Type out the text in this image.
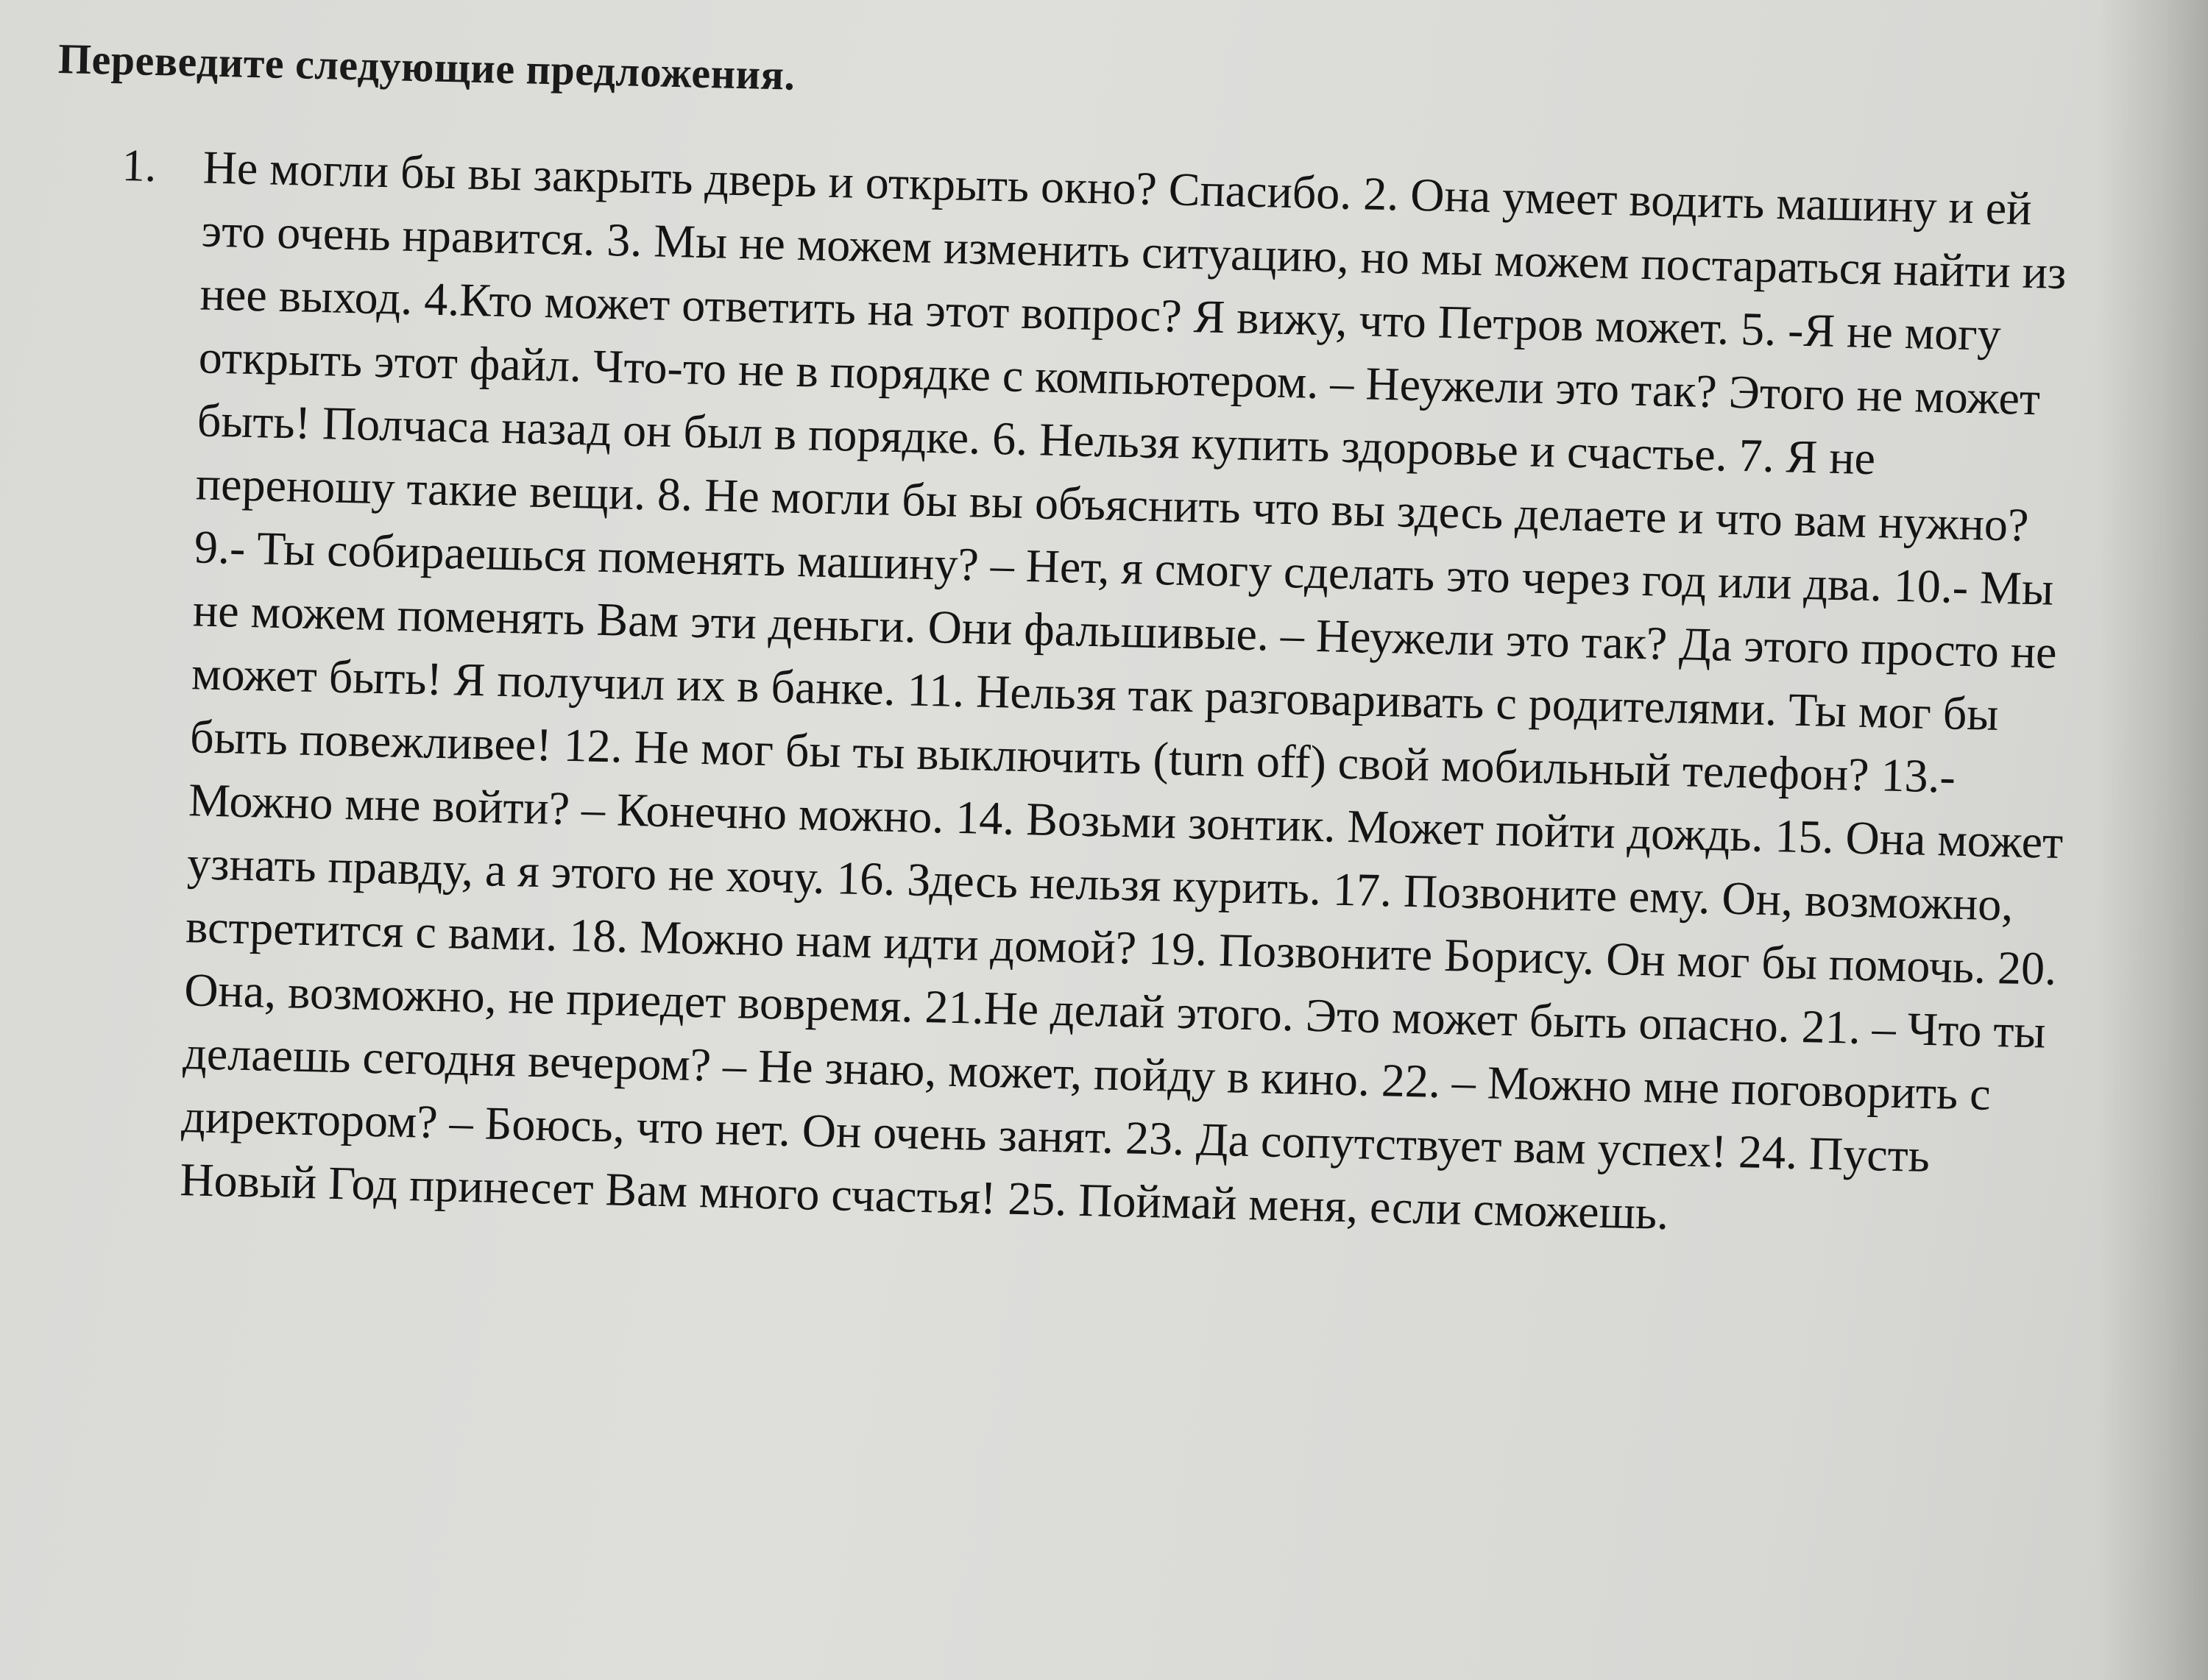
Переведите следующие предложения.
1. Не могли бы вы закрыть дверь и открыть окно? Спасибо. 2. Она умеет водить машину и ей это очень нравится. 3. Мы не можем изменить ситуацию, но мы можем постараться найти из нее выход. 4.Кто может ответить на этот вопрос? Я вижу, что Петров может. 5. -Я не могу открыть этот файл. Что-то не в порядке с компьютером. – Неужели это так? Этого не может быть! Полчаса назад он был в порядке. 6. Нельзя купить здоровье и счастье. 7. Я не переношу такие вещи. 8. Не могли бы вы объяснить что вы здесь делаете и что вам нужно? 9.- Ты собираешься поменять машину? – Нет, я смогу сделать это через год или два. 10.- Мы не можем поменять Вам эти деньги. Они фальшивые. – Неужели это так? Да этого просто не может быть! Я получил их в банке. 11. Нельзя так разговаривать с родителями. Ты мог бы быть повежливее! 12. Не мог бы ты выключить (turn off) свой мобильный телефон? 13.- Можно мне войти? – Конечно можно. 14. Возьми зонтик. Может пойти дождь. 15. Она может узнать правду, а я этого не хочу. 16. Здесь нельзя курить. 17. Позвоните ему. Он, возможно, встретится с вами. 18. Можно нам идти домой? 19. Позвоните Борису. Он мог бы помочь. 20. Она, возможно, не приедет вовремя. 21.Не делай этого. Это может быть опасно. 21. – Что ты делаешь сегодня вечером? – Не знаю, может, пойду в кино. 22. – Можно мне поговорить с директором? – Боюсь, что нет. Он очень занят. 23. Да сопутствует вам успех! 24. Пусть Новый Год принесет Вам много счастья! 25. Поймай меня, если сможешь.
